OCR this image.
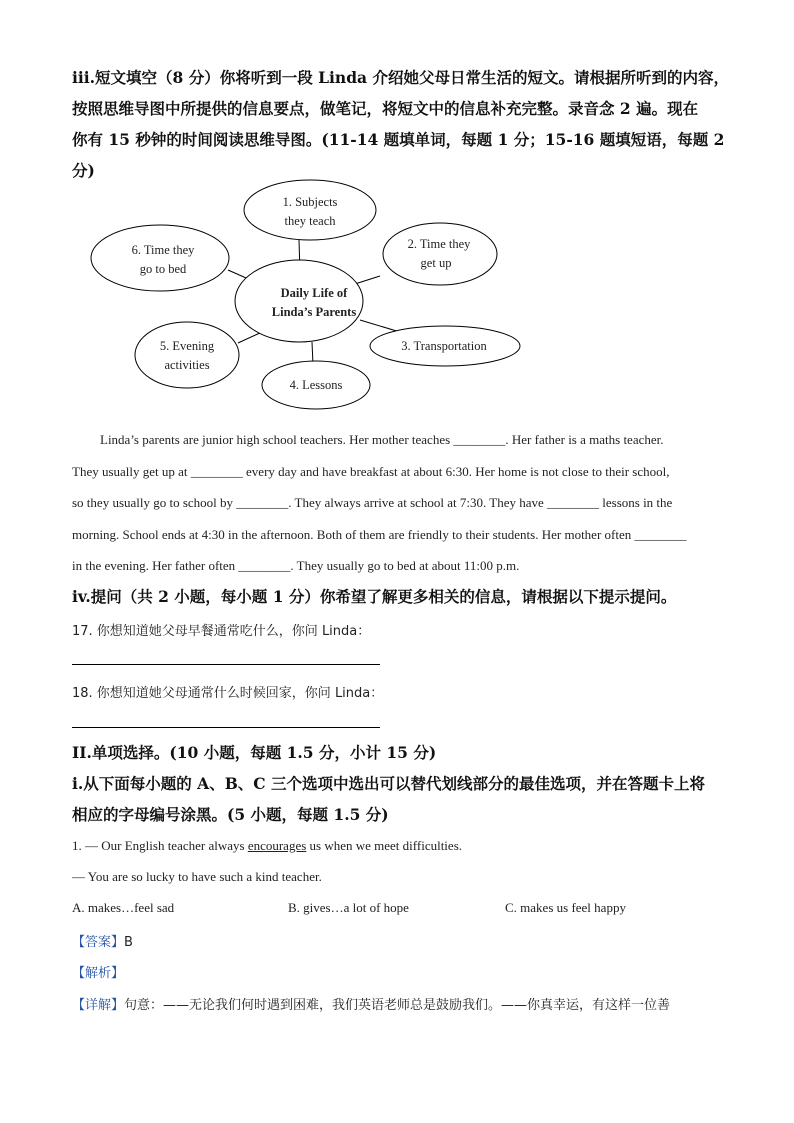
iii.短文填空（8 分）你将听到一段 Linda 介绍她父母日常生活的短文。请根据所听到的内容，

按照思维导图中所提供的信息要点，做笔记，将短文中的信息补充完整。录音念 2 遍。现在

你有 15 秒钟的时间阅读思维导图。(11-14 题填单词，每题 1 分；15-16 题填短语，每题 2 分)

1. Subjects
they teach
6. Time they
go to bed
2. Time they
get up
Daily Life of
Linda’s Parents
5. Evening
activities
3. Transportation
4. Lessons

Linda’s parents are junior high school teachers. Her mother teaches ________. Her father is a maths teacher.

They usually get up at ________ every day and have breakfast at about 6:30. Her home is not close to their school,

so they usually go to school by ________. They always arrive at school at 7:30. They have ________ lessons in the

morning. School ends at 4:30 in the afternoon. Both of them are friendly to their students. Her mother often ________

in the evening. Her father often ________. They usually go to bed at about 11:00 p.m.

iv.提问（共 2 小题，每小题 1 分）你希望了解更多相关的信息，请根据以下提示提问。

17. 你想知道她父母早餐通常吃什么，你问 Linda：

18. 你想知道她父母通常什么时候回家，你问 Linda：

II.单项选择。(10 小题，每题 1.5 分，小计 15 分)

i.从下面每小题的 A、B、C 三个选项中选出可以替代划线部分的最佳选项，并在答题卡上将

相应的字母编号涂黑。(5 小题，每题 1.5 分)

1. — Our English teacher always encourages us when we meet difficulties.

— You are so lucky to have such a kind teacher.

A. makes…feel sad	B. gives…a lot of hope	C. makes us feel happy

【答案】B

【解析】

【详解】句意：——无论我们何时遇到困难，我们英语老师总是鼓励我们。——你真幸运，有这样一位善
